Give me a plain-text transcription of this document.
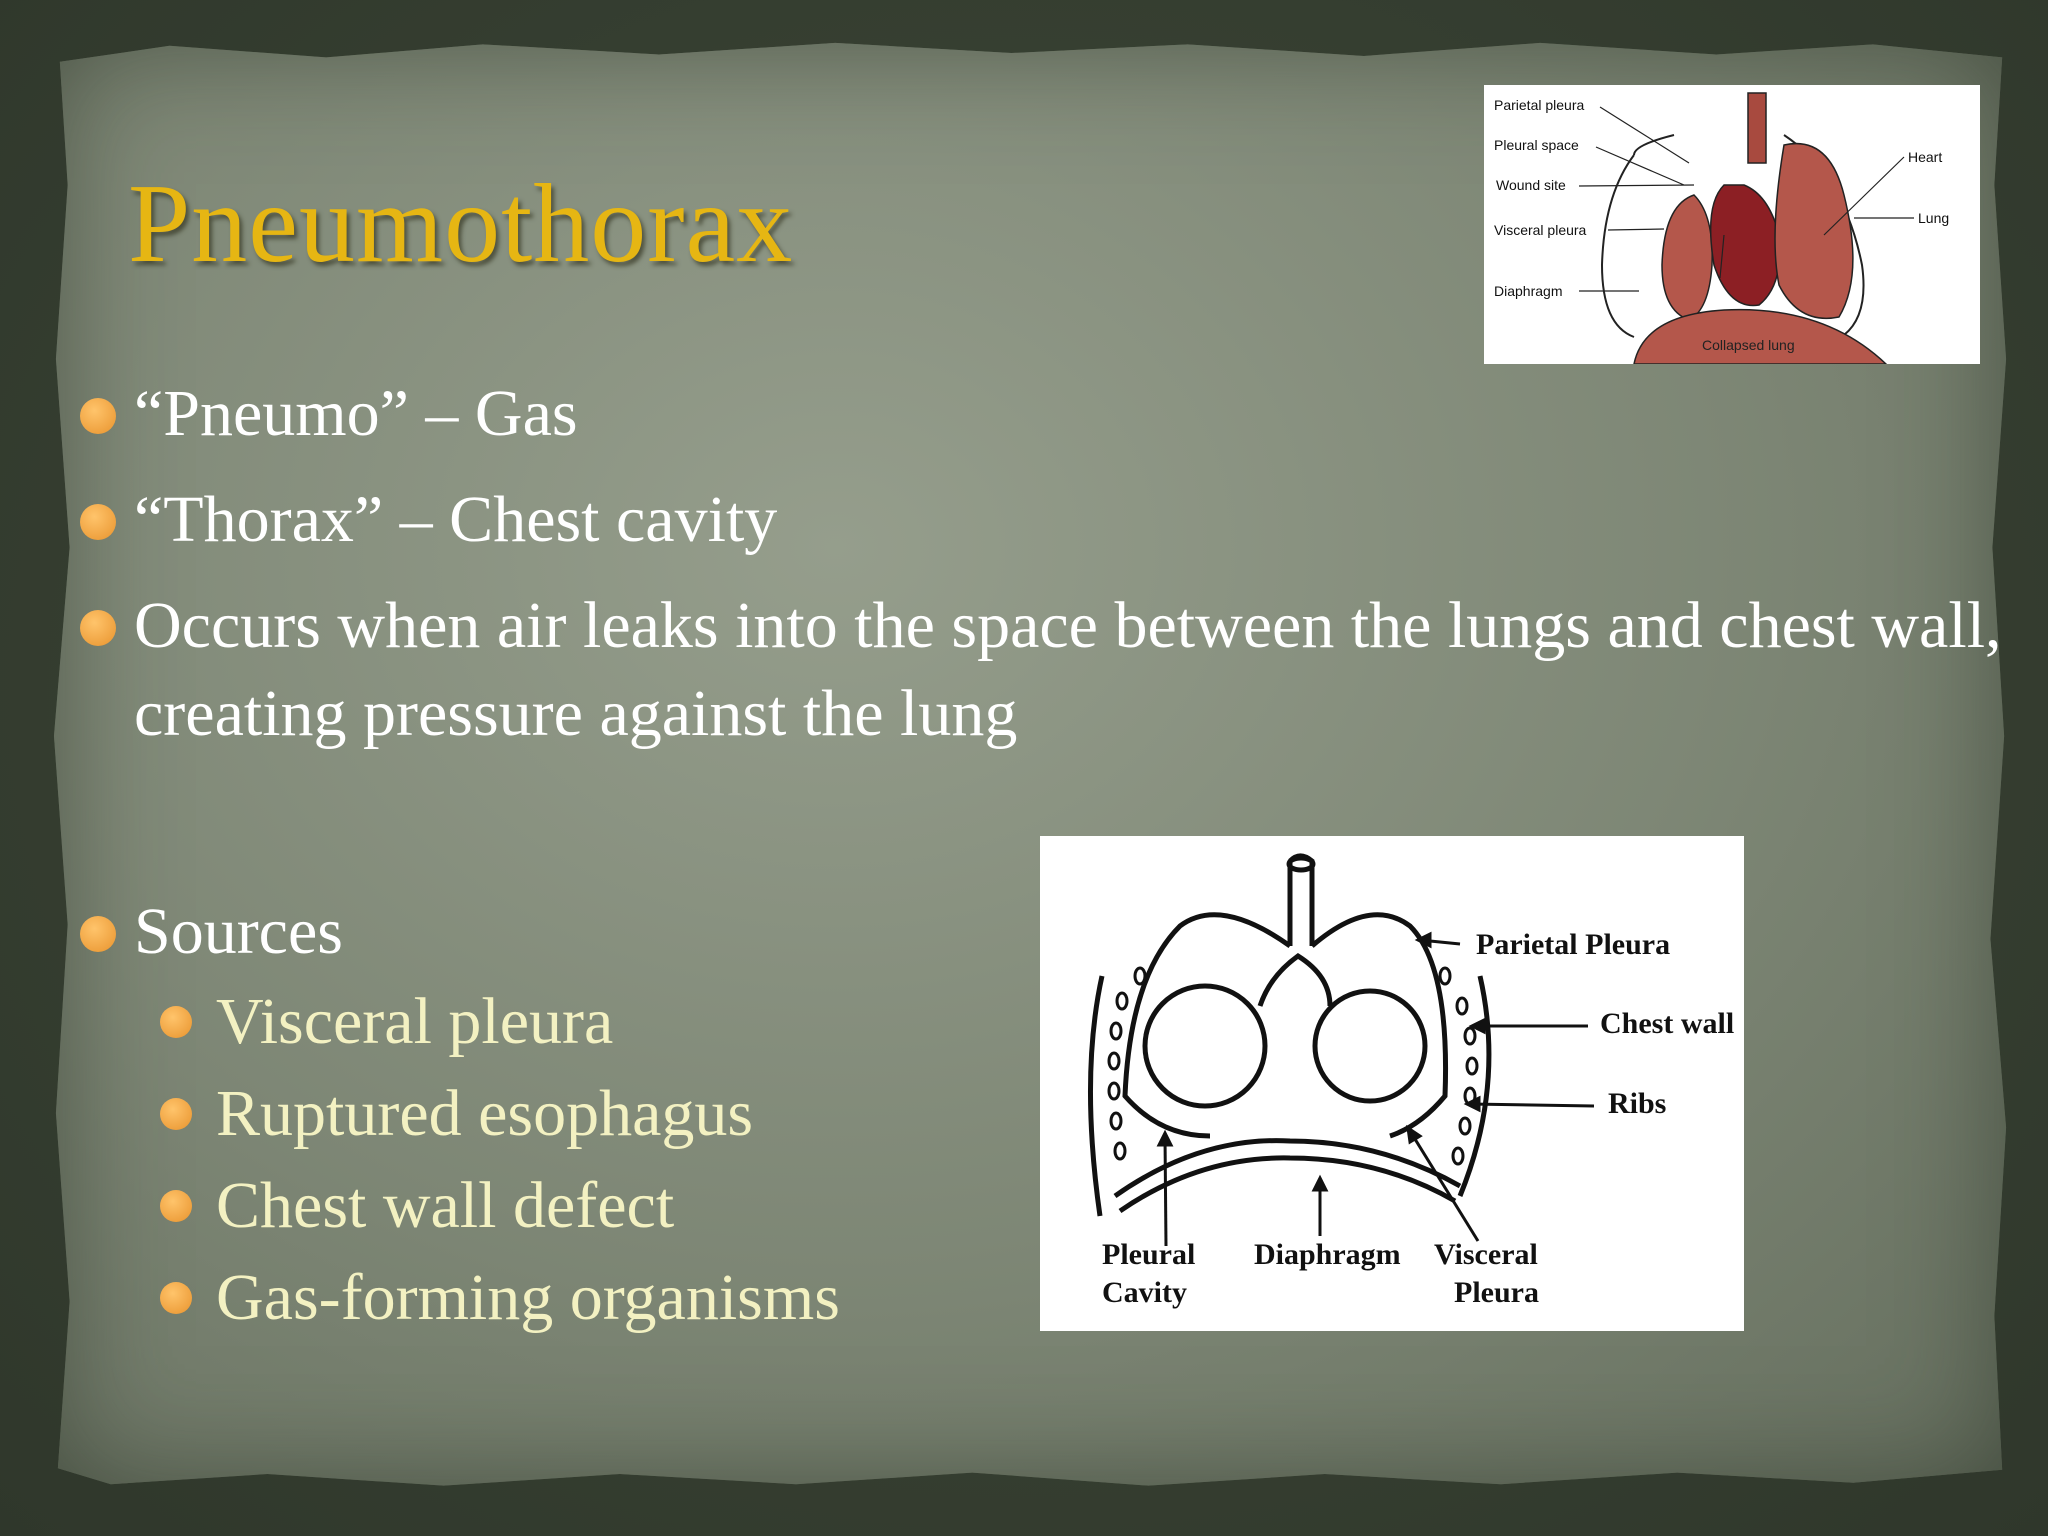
Pneumothorax
Parietal pleura
Pleural space
Wound site
Visceral pleura
Diaphragm
Collapsed lung
Heart
Lung
“Pneumo” – Gas
“Thorax” – Chest cavity
Occurs when air leaks into the space between the lungs and chest wall, creating pressure against the lung
Sources
Visceral pleura
Ruptured esophagus
Chest wall defect
Gas-forming organisms
Parietal Pleura
Chest wall
Ribs
Pleural
Cavity
Diaphragm Visceral
Pleura
